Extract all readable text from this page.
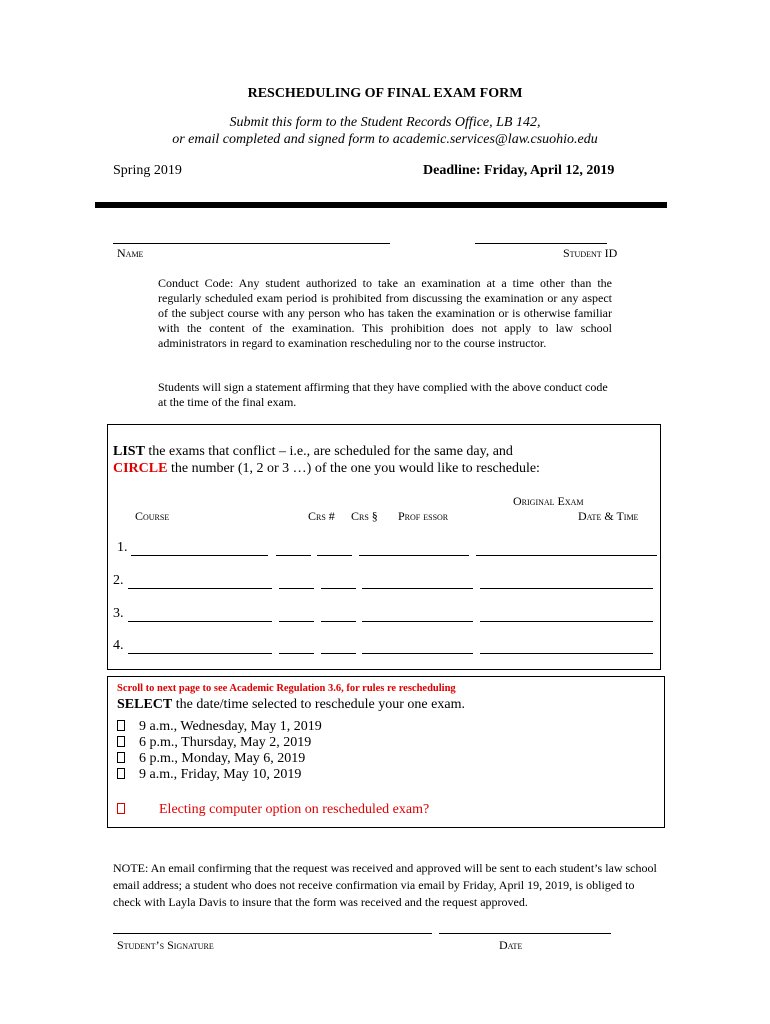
RESCHEDULING OF FINAL EXAM FORM
Submit this form to the Student Records Office, LB 142,
or email completed and signed form to academic.services@law.csuohio.edu
Spring 2019	Deadline: Friday, April 12, 2019
Name	Student ID
Conduct Code: Any student authorized to take an examination at a time other than the regularly scheduled exam period is prohibited from discussing the examination or any aspect of the subject course with any person who has taken the examination or is otherwise familiar with the content of the examination. This prohibition does not apply to law school administrators in regard to examination rescheduling nor to the course instructor.
Students will sign a statement affirming that they have complied with the above conduct code at the time of the final exam.
LIST the exams that conflict – i.e., are scheduled for the same day, and
CIRCLE the number (1, 2 or 3 …) of the one you would like to reschedule:
Original Exam
Course	Crs # Crs § Prof essor	Date & Time
1.
2.
3.
4.
Scroll to next page to see Academic Regulation 3.6, for rules re rescheduling
SELECT the date/time selected to reschedule your one exam.
9 a.m., Wednesday, May 1, 2019
6 p.m., Thursday, May 2, 2019
6 p.m., Monday, May 6, 2019
9 a.m., Friday, May 10, 2019
Electing computer option on rescheduled exam?
NOTE: An email confirming that the request was received and approved will be sent to each student’s law school email address; a student who does not receive confirmation via email by Friday, April 19, 2019, is obliged to check with Layla Davis to insure that the form was received and the request approved.
Student’s Signature	Date
